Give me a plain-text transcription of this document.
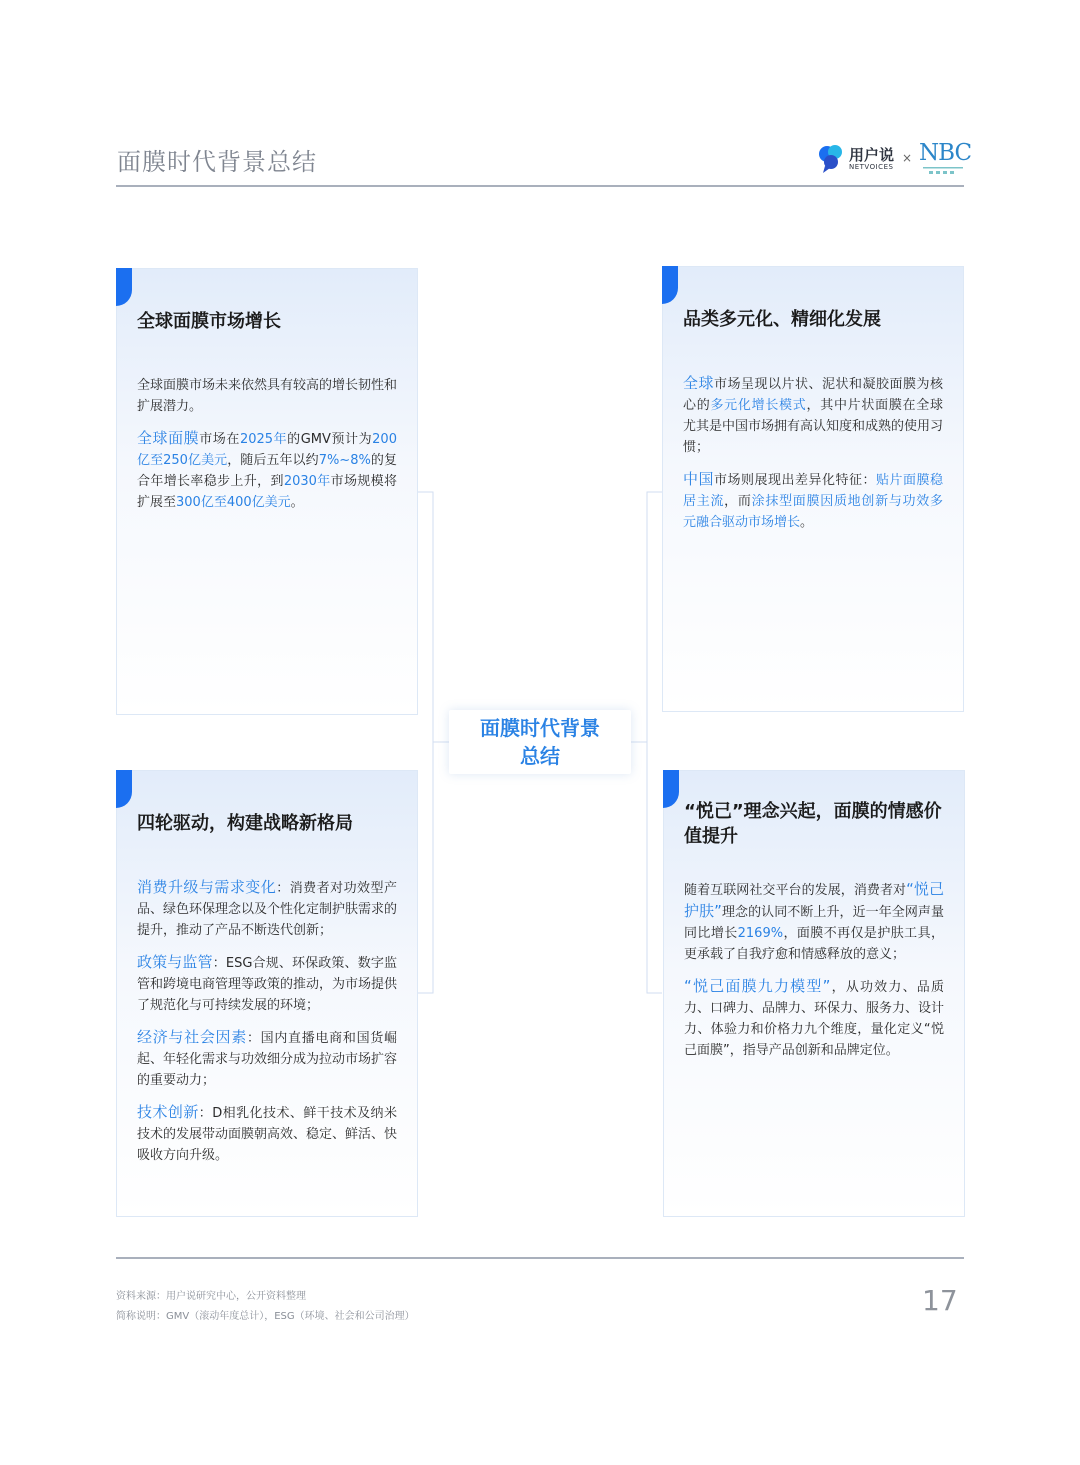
面膜时代背景总结	用户说
NETVOICES
× NBC
全球面膜市场增长

全球面膜市场未来依然具有较高的增长韧性和扩展潜力。

全球面膜市场在2025年的GMV预计为200亿至250亿美元，随后五年以约7%~8%的复合年增长率稳步上升，到2030年市场规模将扩展至300亿至400亿美元。

品类多元化、精细化发展

全球市场呈现以片状、泥状和凝胶面膜为核心的多元化增长模式，其中片状面膜在全球尤其是中国市场拥有高认知度和成熟的使用习惯；

中国市场则展现出差异化特征：贴片面膜稳居主流，而涂抹型面膜因质地创新与功效多元融合驱动市场增长。

四轮驱动，构建战略新格局

消费升级与需求变化：消费者对功效型产品、绿色环保理念以及个性化定制护肤需求的提升，推动了产品不断迭代创新；

政策与监管：ESG合规、环保政策、数字监管和跨境电商管理等政策的推动，为市场提供了规范化与可持续发展的环境；

经济与社会因素：国内直播电商和国货崛起、年轻化需求与功效细分成为拉动市场扩容的重要动力；

技术创新：D相乳化技术、鲜干技术及纳米技术的发展带动面膜朝高效、稳定、鲜活、快吸收方向升级。

“悦己”理念兴起，面膜的情感价值提升

随着互联网社交平台的发展，消费者对“悦己护肤”理念的认同不断上升，近一年全网声量同比增长2169%，面膜不再仅是护肤工具，更承载了自我疗愈和情感释放的意义；

“悦己面膜九力模型”，从功效力、品质力、口碑力、品牌力、环保力、服务力、设计力、体验力和价格力九个维度，量化定义“悦己面膜”，指导产品创新和品牌定位。

面膜时代背景
总结
资料来源：用户说研究中心，公开资料整理
简称说明：GMV（滚动年度总计），ESG（环境、社会和公司治理）	17
